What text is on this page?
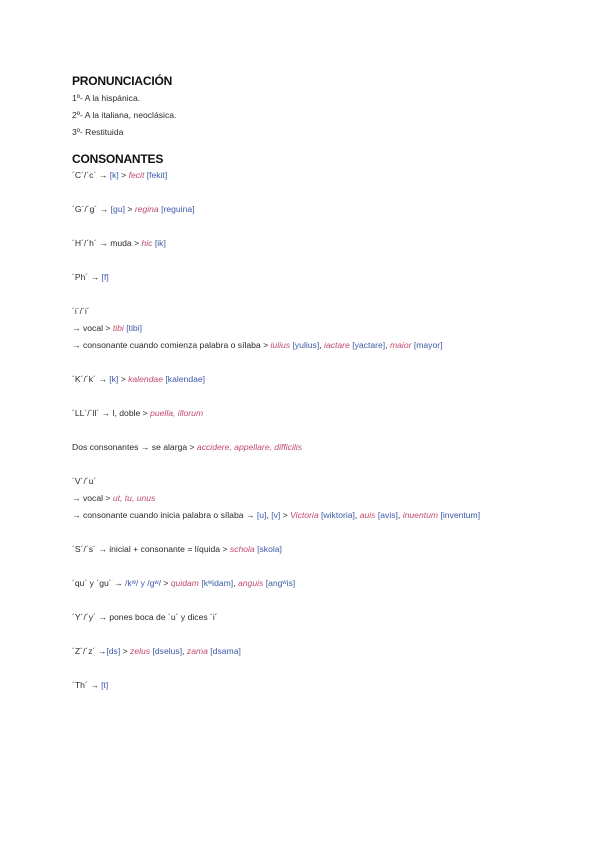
PRONUNCIACIÓN
1º- A la hispánica.
2º- A la italiana, neoclásica.
3º- Restituida
CONSONANTES
´C´/´c´ → [k] > fecit [fekit]
´G´/´g´ → [gu] > regina [reguina]
´H´/´h´ → muda > hic [ik]
´Ph´ → [f]
´i´/´i´
→ vocal > tibi [tibi]
→ consonante cuando comienza palabra o sílaba > iulius [yulius], iactare [yactare], maior [mayor]
´K´/´k´ → [k] > kalendae [kalendae]
´LL´/´ll´ → l, doble > puella, illorum
Dos consonantes → se alarga > accidere, appellare, difficilis
´V´/´u´
→ vocal > ut, tu, unus
→ consonante cuando inicia palabra o sílaba → [u], [v] > Victoria [wiktoria], auis [avis], inuentum [inventum]
´S´/´s´ → inicial + consonante = líquida > schola [skola]
´qu´ y ´gu´ → /kʷ/ y /gʷ/ > quidam [kʷidam], anguis [angʷis]
´Y´/´y´ → pones boca de ´u´ y dices ´i´
´Z´/´z´ →[ds] > zelus [dselus], zama [dsama]
´Th´ → [t]
